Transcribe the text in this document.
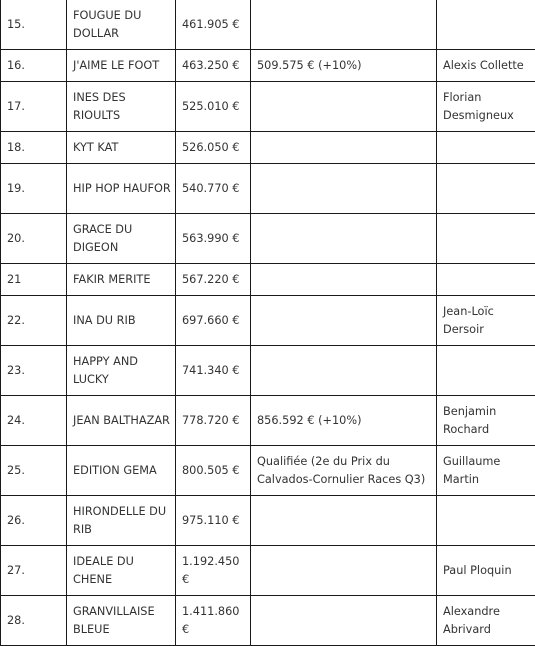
15.	FOUGUE DU DOLLAR	461.905 €		

16.	J'AIME LE FOOT	463.250 €	509.575 € (+10%)	Alexis Collette

17.	INES DES RIOULTS	525.010 €		Florian Desmigneux

18.	KYT KAT	526.050 €		

19.	HIP HOP HAUFOR	540.770 €		

20.	GRACE DU DIGEON	563.990 €		

21	FAKIR MERITE	567.220 €		

22.	INA DU RIB	697.660 €		Jean-Loïc Dersoir

23.	HAPPY AND LUCKY	741.340 €		

24.	JEAN BALTHAZAR	778.720 €	856.592 € (+10%)	Benjamin Rochard

25.	EDITION GEMA	800.505 €	Qualifiée (2e du Prix du Calvados-Cornulier Races Q3)	Guillaume Martin

26.	HIRONDELLE DU RIB	975.110 €		

27.	IDEALE DU CHENE	1.192.450 €		Paul Ploquin

28.	GRANVILLAISE BLEUE	1.411.860 €		Alexandre Abrivard
